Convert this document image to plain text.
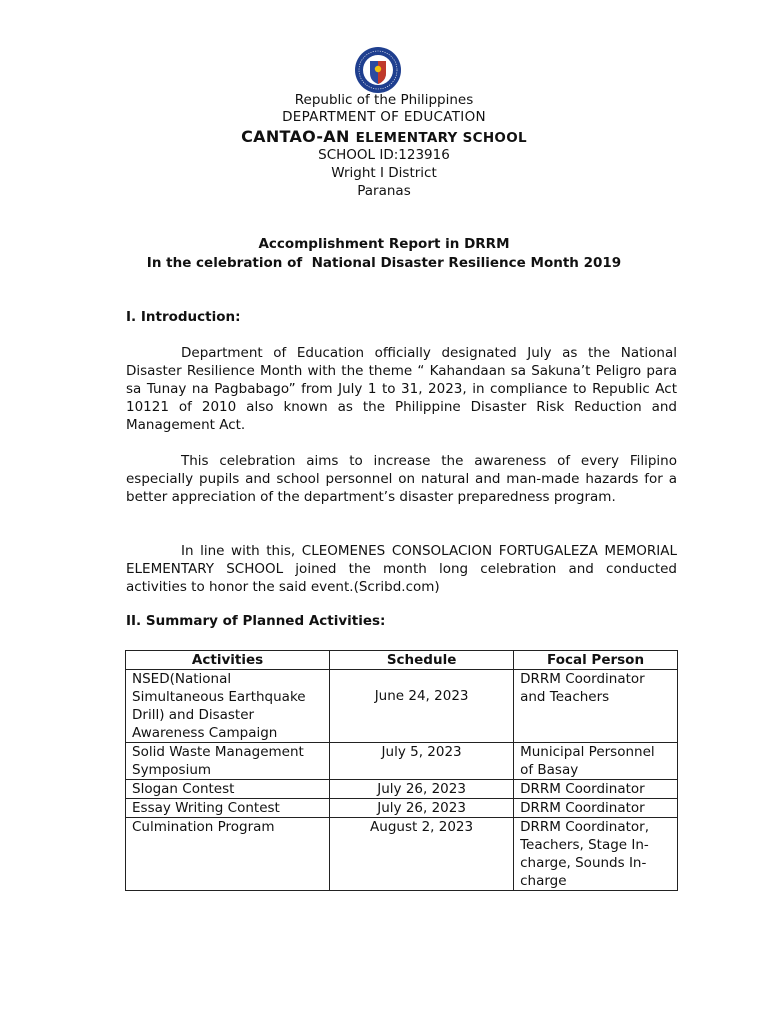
Republic of the Philippines
DEPARTMENT OF EDUCATION
CANTAO-AN ELEMENTARY SCHOOL
SCHOOL ID:123916
Wright I District
Paranas
Accomplishment Report in DRRM
In the celebration of  National Disaster Resilience Month 2019
I. Introduction:

Department of Education officially designated July as the National Disaster Resilience Month with the theme “ Kahandaan sa Sakuna’t Peligro para sa Tunay na Pagbabago” from July 1 to 31, 2023, in compliance to Republic Act 10121 of 2010 also known as the Philippine Disaster Risk Reduction and Management Act.

This celebration aims to increase the awareness of every Filipino especially pupils and school personnel on natural and man-made hazards for a better appreciation of the department’s disaster preparedness program.

In line with this, CLEOMENES CONSOLACION FORTUGALEZA MEMORIAL ELEMENTARY SCHOOL joined the month long celebration and conducted activities to honor the said event.(Scribd.com)

II. Summary of Planned Activities:
Activities	Schedule	Focal Person
NSED(National Simultaneous Earthquake Drill) and Disaster Awareness Campaign	June 24, 2023	DRRM Coordinator and Teachers
Solid Waste Management Symposium	July 5, 2023	Municipal Personnel of Basay
Slogan Contest	July 26, 2023	DRRM Coordinator
Essay Writing Contest	July 26, 2023	DRRM Coordinator
Culmination Program	August 2, 2023	DRRM Coordinator, Teachers, Stage In-charge, Sounds In-charge
